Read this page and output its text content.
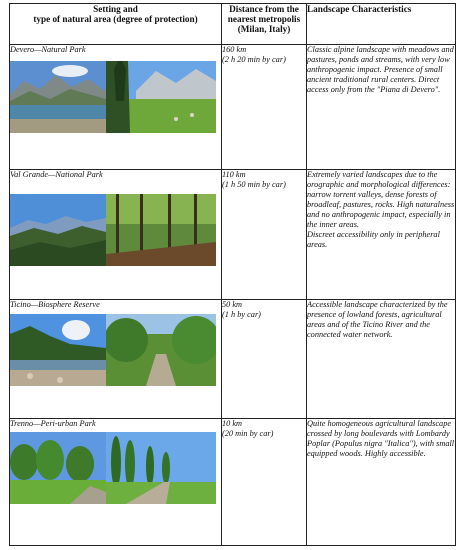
Setting and
type of natural area (degree of protection)	Distance from the
nearest metropolis
(Milan, Italy)	Landscape Characteristics

Devero—Natural Park	160 km
(2 h 20 min by car)	Classic alpine landscape with meadows and pastures, ponds and streams, with very low anthropogenic impact. Presence of small ancient traditional rural centers. Direct access only from the "Piana di Devero".

Val Grande—National Park	110 km
(1 h 50 min by car)	Extremely varied landscapes due to the orographic and morphological differences: narrow torrent valleys, dense forests of broadleaf, pastures, rocks. High naturalness and no anthropogenic impact, especially in the inner areas.
Discreet accessibility only in peripheral areas.

Ticino—Biosphere Reserve	50 km
(1 h by car)	Accessible landscape characterized by the presence of lowland forests, agricultural areas and of the Ticino River and the connected water network.

Trenno—Peri-urban Park	10 km
(20 min by car)	Quite homogeneous agricultural landscape crossed by long boulevards with Lombardy Poplar (Populus nigra "Italica"), with small equipped woods. Highly accessible.
